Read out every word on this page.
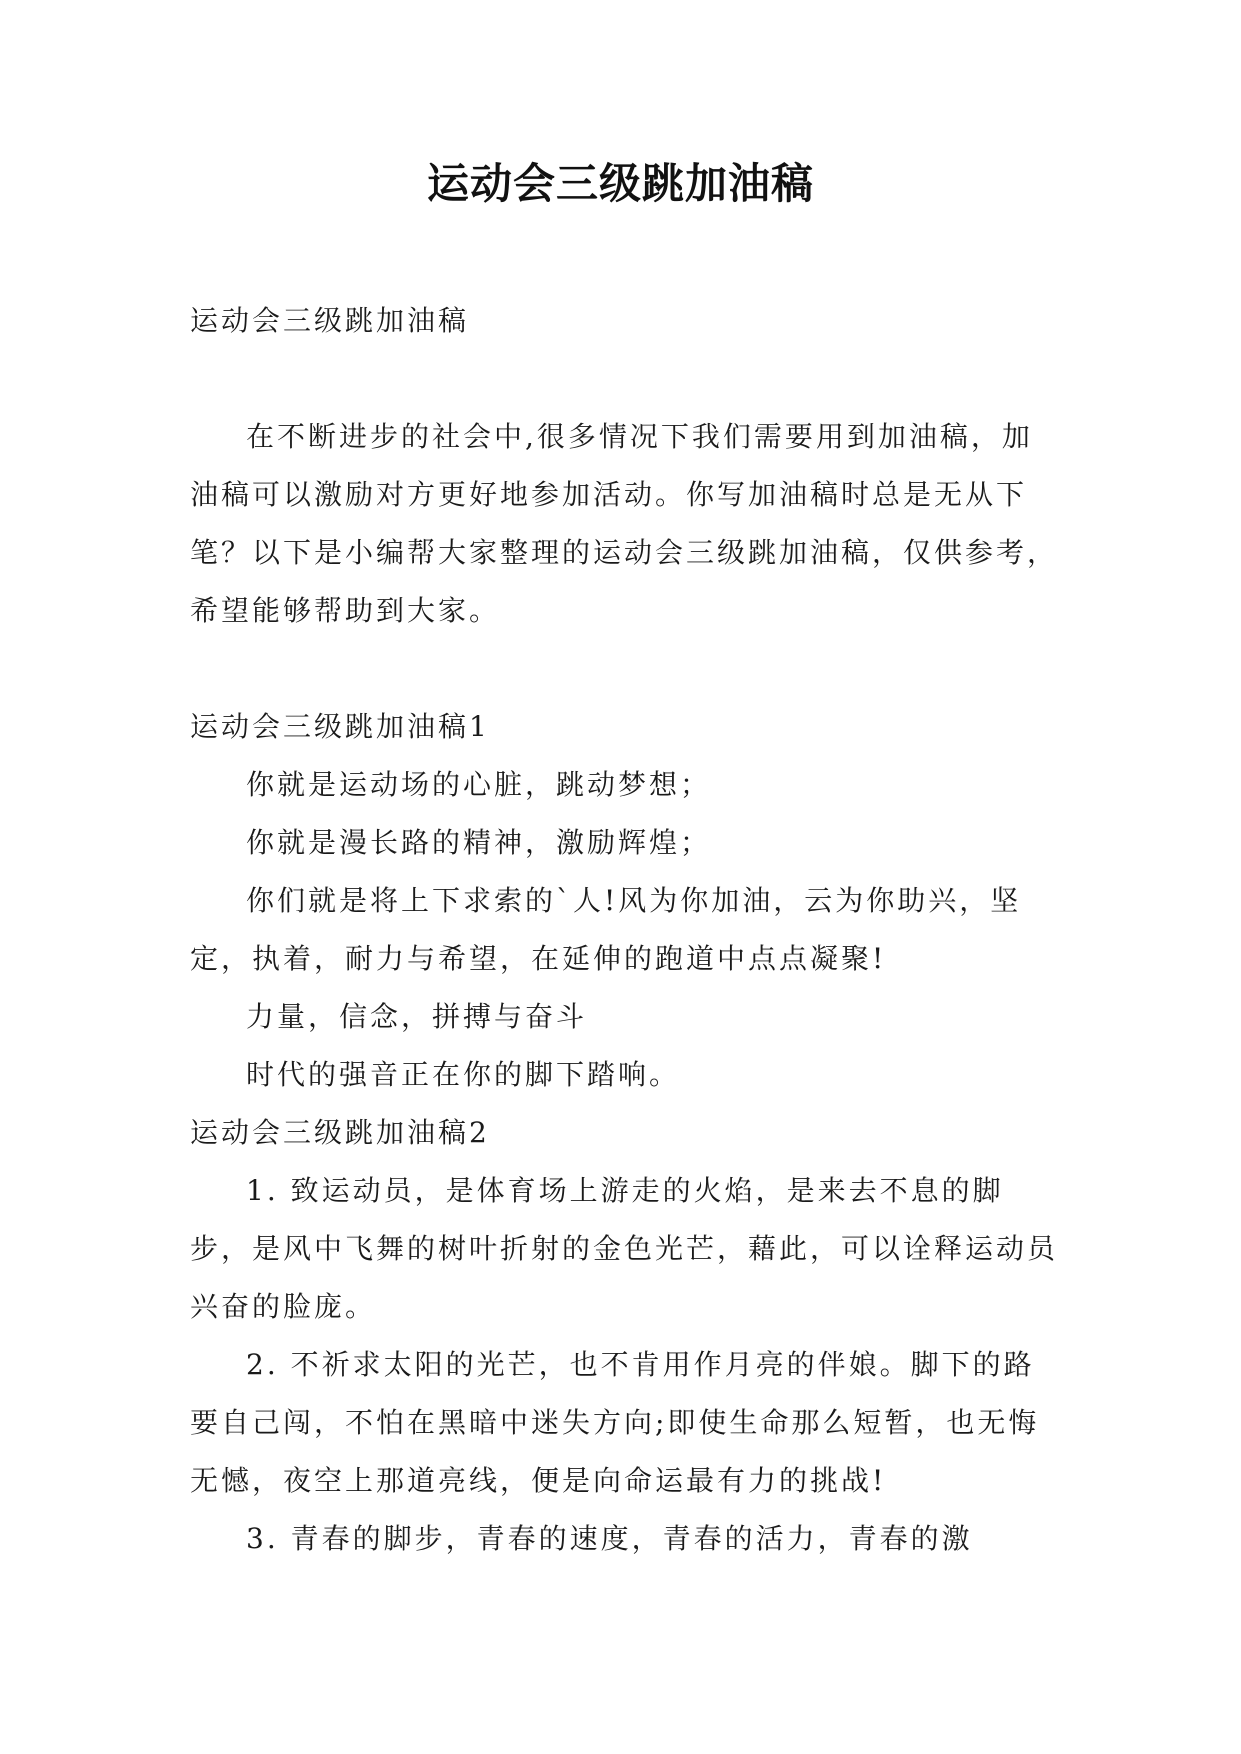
运动会三级跳加油稿

运动会三级跳加油稿

在不断进步的社会中,很多情况下我们需要用到加油稿，加油稿可以激励对方更好地参加活动。你写加油稿时总是无从下笔？以下是小编帮大家整理的运动会三级跳加油稿，仅供参考，希望能够帮助到大家。

运动会三级跳加油稿1

你就是运动场的心脏，跳动梦想；

你就是漫长路的精神，激励辉煌；

你们就是将上下求索的`人!风为你加油，云为你助兴，坚定，执着，耐力与希望，在延伸的跑道中点点凝聚!

力量，信念，拼搏与奋斗

时代的强音正在你的脚下踏响。

运动会三级跳加油稿2

1. 致运动员，是体育场上游走的火焰，是来去不息的脚步，是风中飞舞的树叶折射的金色光芒，藉此，可以诠释运动员兴奋的脸庞。

2. 不祈求太阳的光芒，也不肯用作月亮的伴娘。脚下的路要自己闯，不怕在黑暗中迷失方向;即使生命那么短暂，也无悔无憾，夜空上那道亮线，便是向命运最有力的挑战!

3. 青春的脚步，青春的速度，青春的活力，青春的激
